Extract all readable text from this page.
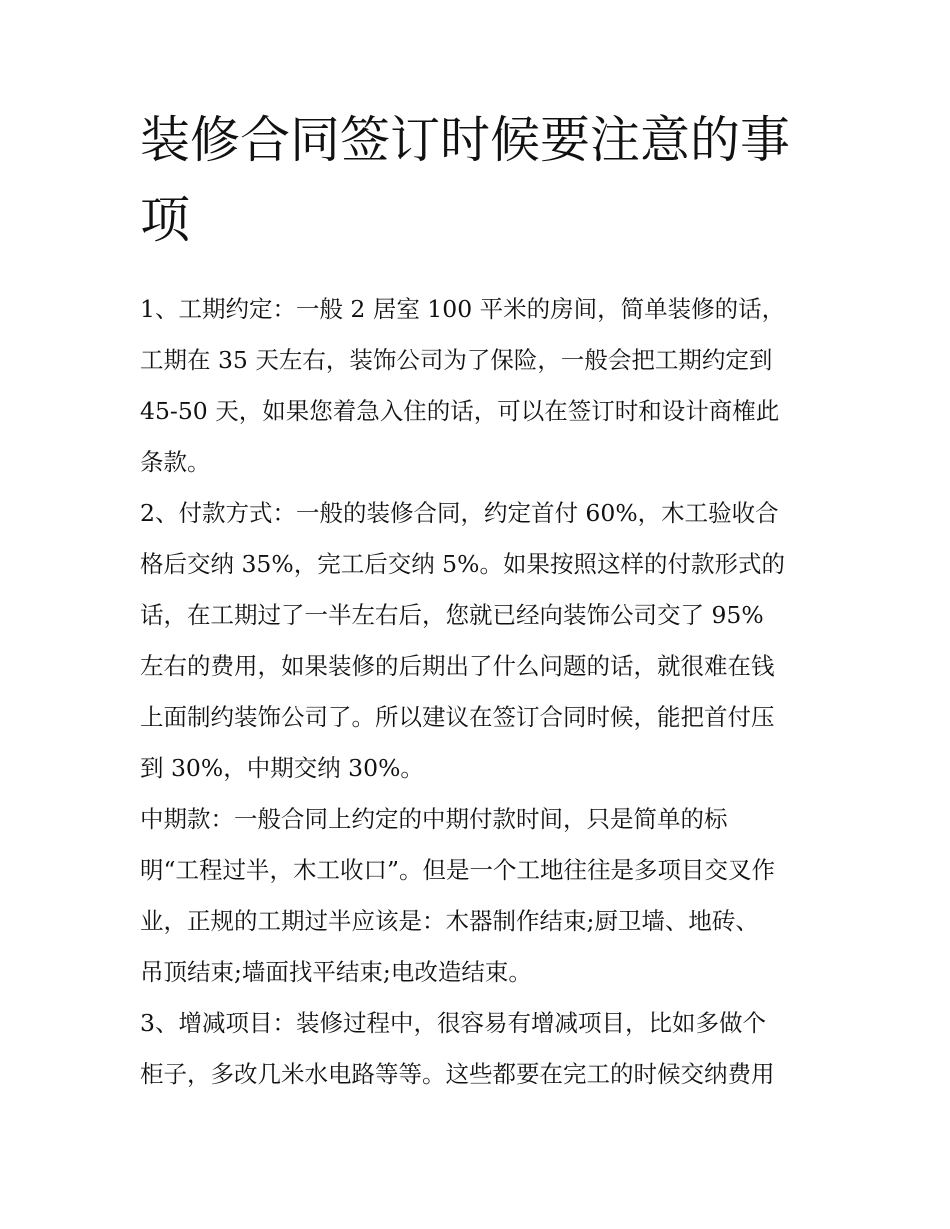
装修合同签订时候要注意的事
项
1、工期约定：一般 2 居室 100 平米的房间，简单装修的话，
工期在 35 天左右，装饰公司为了保险，一般会把工期约定到
45-50 天，如果您着急入住的话，可以在签订时和设计商榷此
条款。
2、付款方式：一般的装修合同，约定首付 60%，木工验收合
格后交纳 35%，完工后交纳 5%。如果按照这样的付款形式的
话，在工期过了一半左右后，您就已经向装饰公司交了 95%
左右的费用，如果装修的后期出了什么问题的话，就很难在钱
上面制约装饰公司了。所以建议在签订合同时候，能把首付压
到 30%，中期交纳 30%。
中期款：一般合同上约定的中期付款时间，只是简单的标
明“工程过半，木工收口”。但是一个工地往往是多项目交叉作
业，正规的工期过半应该是：木器制作结束;厨卫墙、地砖、
吊顶结束;墙面找平结束;电改造结束。
3、增减项目：装修过程中，很容易有增减项目，比如多做个
柜子，多改几米水电路等等。这些都要在完工的时候交纳费用
